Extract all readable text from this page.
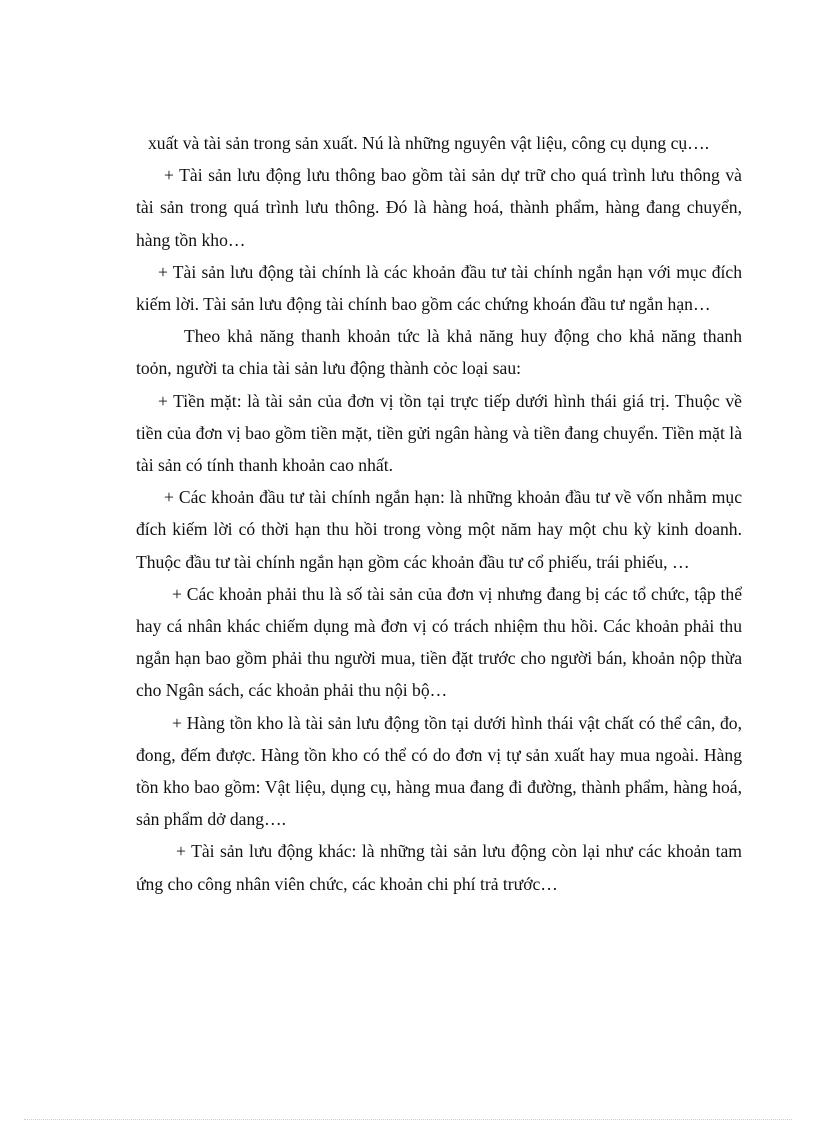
xuất và tài sản trong sản xuất. Nú là những nguyên vật liệu, công cụ dụng cụ….

+ Tài sản lưu động lưu thông bao gồm tài sản dự trữ cho quá trình lưu thông và tài sản trong quá trình lưu thông. Đó là hàng hoá, thành phẩm, hàng đang chuyển, hàng tồn kho…

+ Tài sản lưu động tài chính là các khoản đầu tư tài chính ngắn hạn với mục đích kiếm lời. Tài sản lưu động tài chính bao gồm các chứng khoán đầu tư ngắn hạn…

Theo khả năng thanh khoản tức là khả năng huy động cho khả năng thanh toỏn, người ta chia tài sản lưu động thành cỏc loại sau:

+ Tiền mặt: là tài sản của đơn vị tồn tại trực tiếp dưới hình thái giá trị. Thuộc về tiền của đơn vị bao gồm tiền mặt, tiền gửi ngân hàng và tiền đang chuyển. Tiền mặt là tài sản có tính thanh khoản cao nhất.

+ Các khoản đầu tư tài chính ngắn hạn: là những khoản đầu tư về vốn nhằm mục đích kiếm lời có thời hạn thu hồi trong vòng một năm hay một chu kỳ kinh doanh. Thuộc đầu tư tài chính ngắn hạn gồm các khoản đầu tư cổ phiếu, trái phiếu, …

+ Các khoản phải thu là số tài sản của đơn vị nhưng đang bị các tổ chức, tập thể hay cá nhân khác chiếm dụng mà đơn vị có trách nhiệm thu hồi. Các khoản phải thu ngắn hạn bao gồm phải thu người mua, tiền đặt trước cho người bán, khoản nộp thừa cho Ngân sách, các khoản phải thu nội bộ…

+ Hàng tồn kho là tài sản lưu động tồn tại dưới hình thái vật chất có thể cân, đo, đong, đếm được. Hàng tồn kho có thể có do đơn vị tự sản xuất hay mua ngoài. Hàng tồn kho bao gồm: Vật liệu, dụng cụ, hàng mua đang đi đường, thành phẩm, hàng hoá, sản phẩm dở dang….

+ Tài sản lưu động khác: là những tài sản lưu động còn lại như các khoản tam ứng cho công nhân viên chức, các khoản chi phí trả trước…
